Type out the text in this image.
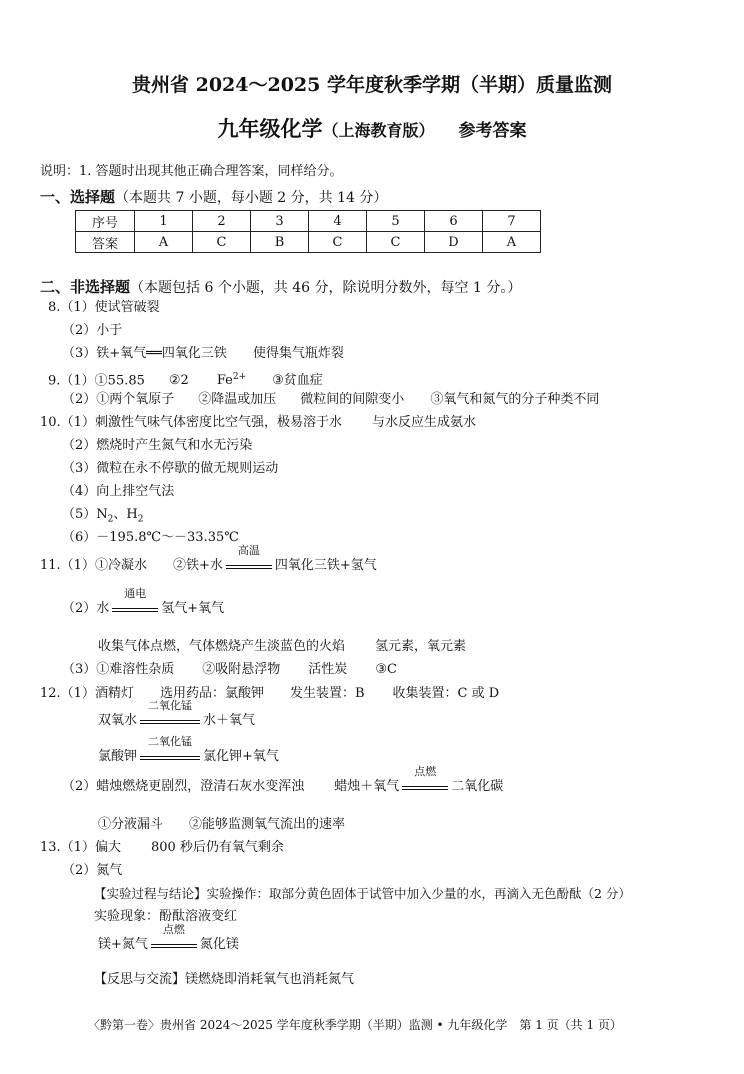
贵州省 2024～2025 学年度秋季学期（半期）质量监测
九年级化学（上海教育版） 参考答案
说明：1. 答题时出现其他正确合理答案，同样给分。
一、选择题（本题共 7 小题，每小题 2 分，共 14 分）
序号	1	2	3	4	5	6	7
答案	A	C	B	C	C	D	A
二、非选择题（本题包括 6 个小题，共 46 分，除说明分数外，每空 1 分。）
8.（1）使试管破裂
（2）小于
（3）铁+氧气══四氧化三铁 使得集气瓶炸裂
9.（1）①55.85 ②2 $Fe^{2+}$ ③贫血症
（2）①两个氧原子 ②降温或加压 微粒间的间隙变小 ③氧气和氮气的分子种类不同
10.（1）刺激性气味气体密度比空气强，极易溶于水 与水反应生成氨水
（2）燃烧时产生氮气和水无污染
（3）微粒在永不停歇的做无规则运动
（4）向上排空气法
$(5)N_2$、$H_2$
（6）－195.8℃～－33.35℃
11.（1）①冷凝水 ②铁+水
高温
四氧化三铁+氢气
（2）水
通电
氢气+氧气
收集气体点燃，气体燃烧产生淡蓝色的火焰 氢元素，氧元素
（3）①难溶性杂质 ②吸附悬浮物 活性炭 ③C
12.（1）酒精灯 选用药品：氯酸钾 发生装置：B 收集装置：C 或 D
双氧水
二氧化锰
水＋氧气
氯酸钾
二氧化锰
氯化钾+氧气
（2）蜡烛燃烧更剧烈，澄清石灰水变浑浊 蜡烛＋氧气
点燃
二氧化碳
①分液漏斗 ②能够监测氧气流出的速率
13.（1）偏大 800 秒后仍有氧气剩余
（2）氮气
【实验过程与结论】实验操作：取部分黄色固体于试管中加入少量的水，再滴入无色酚酞（2 分）
实验现象：酚酞溶液变红
镁+氮气
点燃
氮化镁
【反思与交流】镁燃烧即消耗氧气也消耗氮气
〈黔第一卷〉贵州省 2024～2025 学年度秋季学期（半期）监测 • 九年级化学　第 1 页（共 1 页）
